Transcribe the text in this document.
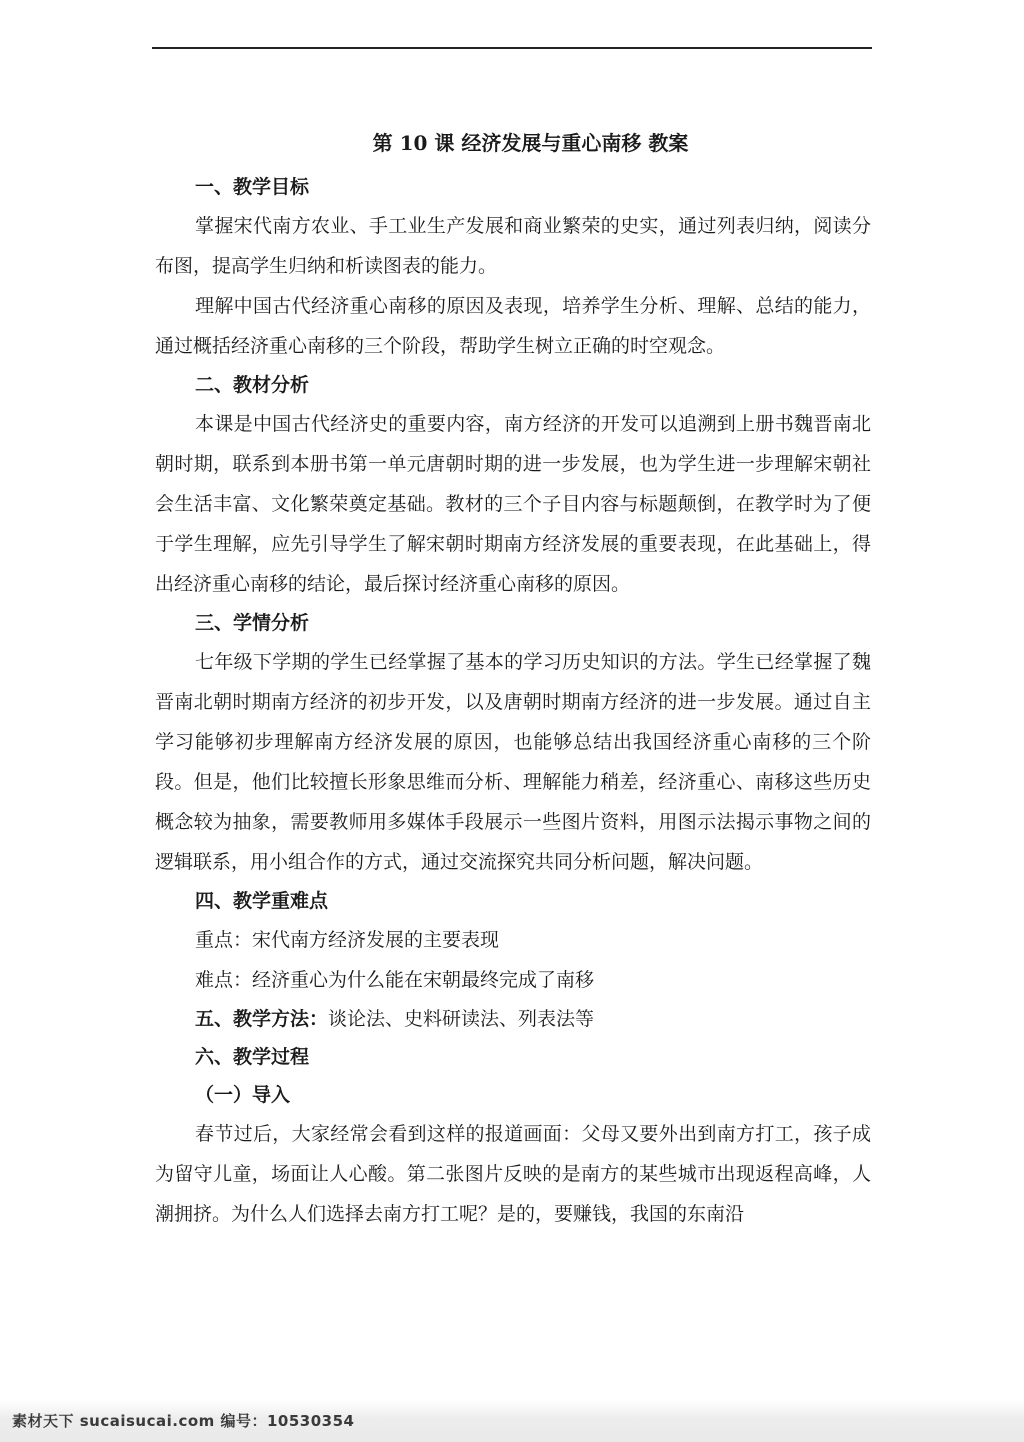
第 10 课 经济发展与重心南移 教案
一、教学目标

掌握宋代南方农业、手工业生产发展和商业繁荣的史实，通过列表归纳，阅读分布图，提高学生归纳和析读图表的能力。

理解中国古代经济重心南移的原因及表现，培养学生分析、理解、总结的能力，通过概括经济重心南移的三个阶段，帮助学生树立正确的时空观念。

二、教材分析

本课是中国古代经济史的重要内容，南方经济的开发可以追溯到上册书魏晋南北朝时期，联系到本册书第一单元唐朝时期的进一步发展，也为学生进一步理解宋朝社会生活丰富、文化繁荣奠定基础。教材的三个子目内容与标题颠倒，在教学时为了便于学生理解，应先引导学生了解宋朝时期南方经济发展的重要表现，在此基础上，得出经济重心南移的结论，最后探讨经济重心南移的原因。

三、学情分析

七年级下学期的学生已经掌握了基本的学习历史知识的方法。学生已经掌握了魏晋南北朝时期南方经济的初步开发，以及唐朝时期南方经济的进一步发展。通过自主学习能够初步理解南方经济发展的原因，也能够总结出我国经济重心南移的三个阶段。但是，他们比较擅长形象思维而分析、理解能力稍差，经济重心、南移这些历史概念较为抽象，需要教师用多媒体手段展示一些图片资料，用图示法揭示事物之间的逻辑联系，用小组合作的方式，通过交流探究共同分析问题，解决问题。

四、教学重难点
重点：宋代南方经济发展的主要表现
难点：经济重心为什么能在宋朝最终完成了南移
五、教学方法：谈论法、史料研读法、列表法等
六、教学过程
（一）导入

春节过后，大家经常会看到这样的报道画面：父母又要外出到南方打工，孩子成为留守儿童，场面让人心酸。第二张图片反映的是南方的某些城市出现返程高峰，人潮拥挤。为什么人们选择去南方打工呢？是的，要赚钱，我国的东南沿

素材天下 sucaisucai.com 编号：10530354
